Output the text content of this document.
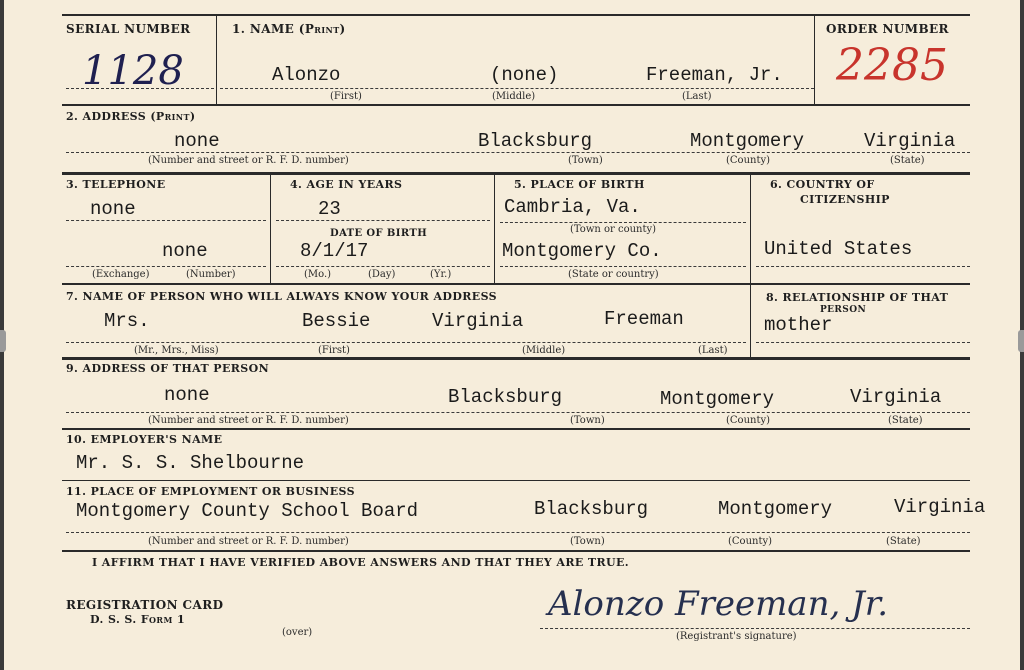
SERIAL NUMBER
1128
1. NAME (Print)
Alonzo	(none)	Freeman, Jr.
(First)	(Middle)	(Last)
ORDER NUMBER
2285
2. ADDRESS (Print)
none	Blacksburg	Montgomery	Virginia
(Number and street or R. F. D. number)	(Town)	(County)	(State)
3. TELEPHONE
none
none
(Exchange)	(Number)
4. AGE IN YEARS
23
DATE OF BIRTH
8/1/17
(Mo.)	(Day)	(Yr.)
5. PLACE OF BIRTH
Cambria, Va.
(Town or county)
Montgomery Co.
(State or country)
6. COUNTRY OF
CITIZENSHIP
United States
7. NAME OF PERSON WHO WILL ALWAYS KNOW YOUR ADDRESS
Mrs.	Bessie	Virginia	Freeman
(Mr., Mrs., Miss)	(First)	(Middle)	(Last)
8. RELATIONSHIP OF THAT
PERSON
mother
9. ADDRESS OF THAT PERSON
none	Blacksburg	Montgomery	Virginia
(Number and street or R. F. D. number)	(Town)	(County)	(State)
10. EMPLOYER'S NAME
Mr. S. S. Shelbourne
11. PLACE OF EMPLOYMENT OR BUSINESS
Montgomery County School Board	Blacksburg	Montgomery	Virginia
(Number and street or R. F. D. number)	(Town)	(County)	(State)
I AFFIRM THAT I HAVE VERIFIED ABOVE ANSWERS AND THAT THEY ARE TRUE.
REGISTRATION CARD
D. S. S. Form 1
(over)
Alonzo Freeman, Jr.
(Registrant's signature)
